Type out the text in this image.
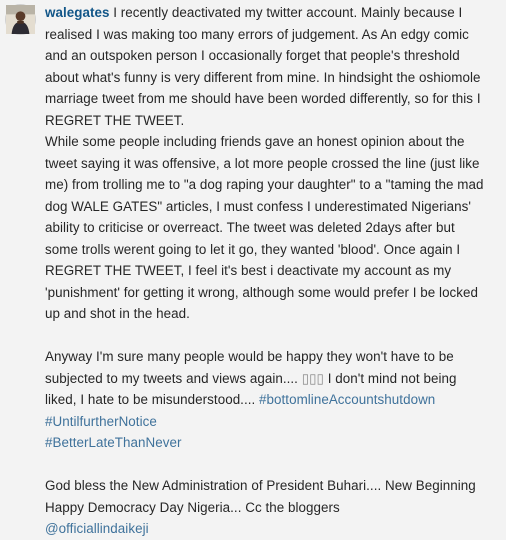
walegates I recently deactivated my twitter account. Mainly because I
realised I was making too many errors of judgement. As An edgy comic
and an outspoken person I occasionally forget that people's threshold
about what's funny is very different from mine. In hindsight the oshiomole
marriage tweet from me should have been worded differently, so for this I
REGRET THE TWEET.
While some people including friends gave an honest opinion about the
tweet saying it was offensive, a lot more people crossed the line (just like
me) from trolling me to "a dog raping your daughter" to a "taming the mad
dog WALE GATES" articles, I must confess I underestimated Nigerians'
ability to criticise or overreact. The tweet was deleted 2days after but
some trolls werent going to let it go, they wanted 'blood'. Once again I
REGRET THE TWEET, I feel it's best i deactivate my account as my
'punishment' for getting it wrong, although some would prefer I be locked
up and shot in the head.
Anyway I'm sure many people would be happy they won't have to be
subjected to my tweets and views again.... ▯▯▯ I don't mind not being
liked, I hate to be misunderstood.... #bottomlineAccountshutdown
#UntilfurtherNotice
#BetterLateThanNever
God bless the New Administration of President Buhari.... New Beginning
Happy Democracy Day Nigeria... Cc the bloggers
@officiallindaikeji
